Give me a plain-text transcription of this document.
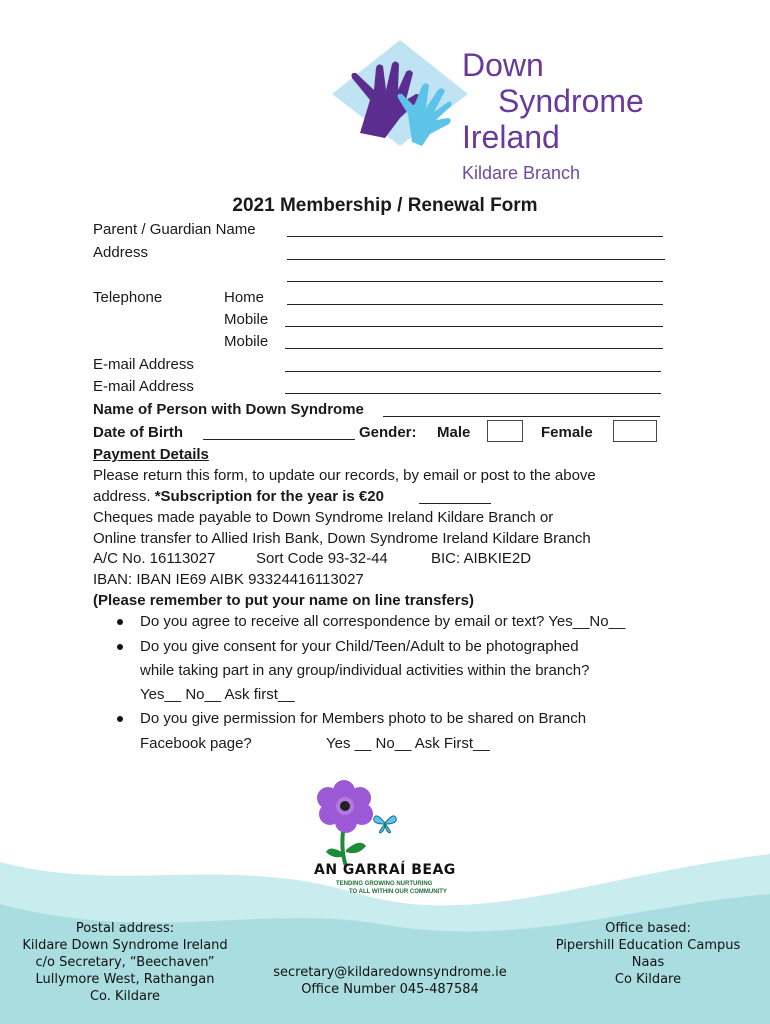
Down
Syndrome
Ireland
Kildare Branch
2021 Membership / Renewal Form
Parent / Guardian Name
Address
Telephone	Home
Mobile
Mobile
E-mail Address
E-mail Address
Name of Person with Down Syndrome
Date of Birth	Gender: Male	Female
Payment Details
Please return this form, to update our records, by email or post to the above
address. *Subscription for the year is €20
Cheques made payable to Down Syndrome Ireland Kildare Branch or
Online transfer to Allied Irish Bank, Down Syndrome Ireland Kildare Branch
A/C No. 16113027	Sort Code 93-32-44	BIC: AIBKIE2D
IBAN: IBAN IE69 AIBK 93324416113027
(Please remember to put your name on line transfers)
Do you agree to receive all correspondence by email or text? Yes__No__
Do you give consent for your Child/Teen/Adult to be photographed
while taking part in any group/individual activities within the branch?
Yes__ No__ Ask first__
Do you give permission for Members photo to be shared on Branch
Facebook page?	Yes __ No__ Ask First__
AN GARRAÍ BEAG
TENDING GROWING NURTURING
TO ALL WITHIN OUR COMMUNITY
Postal address:
Kildare Down Syndrome Ireland
c/o Secretary, “Beechaven”
Lullymore West, Rathangan
Co. Kildare
secretary@kildaredownsyndrome.ie
Office Number 045-487584
Office based:
Pipershill Education Campus
Naas
Co Kildare
